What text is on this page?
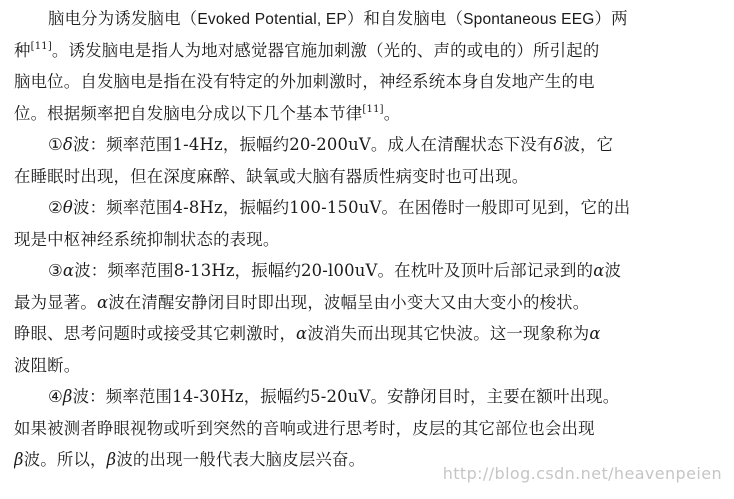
脑电分为诱发脑电（Evoked Potential, EP）和自发脑电（Spontaneous EEG）两
种[11]。诱发脑电是指人为地对感觉器官施加刺激（光的、声的或电的）所引起的
脑电位。自发脑电是指在没有特定的外加刺激时，神经系统本身自发地产生的电
位。根据频率把自发脑电分成以下几个基本节律[11]。
①δ波：频率范围1-4Hz，振幅约20-200uV。成人在清醒状态下没有δ波，它
在睡眠时出现，但在深度麻醉、缺氧或大脑有器质性病变时也可出现。
②θ波：频率范围4-8Hz，振幅约100-150uV。在困倦时一般即可见到，它的出
现是中枢神经系统抑制状态的表现。
③α波：频率范围8-13Hz，振幅约20-l00uV。在枕叶及顶叶后部记录到的α波
最为显著。α波在清醒安静闭目时即出现，波幅呈由小变大又由大变小的梭状。
睁眼、思考问题时或接受其它刺激时，α波消失而出现其它快波。这一现象称为α
波阻断。
④β波：频率范围14-30Hz，振幅约5-20uV。安静闭目时，主要在额叶出现。
如果被测者睁眼视物或听到突然的音响或进行思考时，皮层的其它部位也会出现
β波。所以，β波的出现一般代表大脑皮层兴奋。
http://blog.csdn.net/heavenpeien
